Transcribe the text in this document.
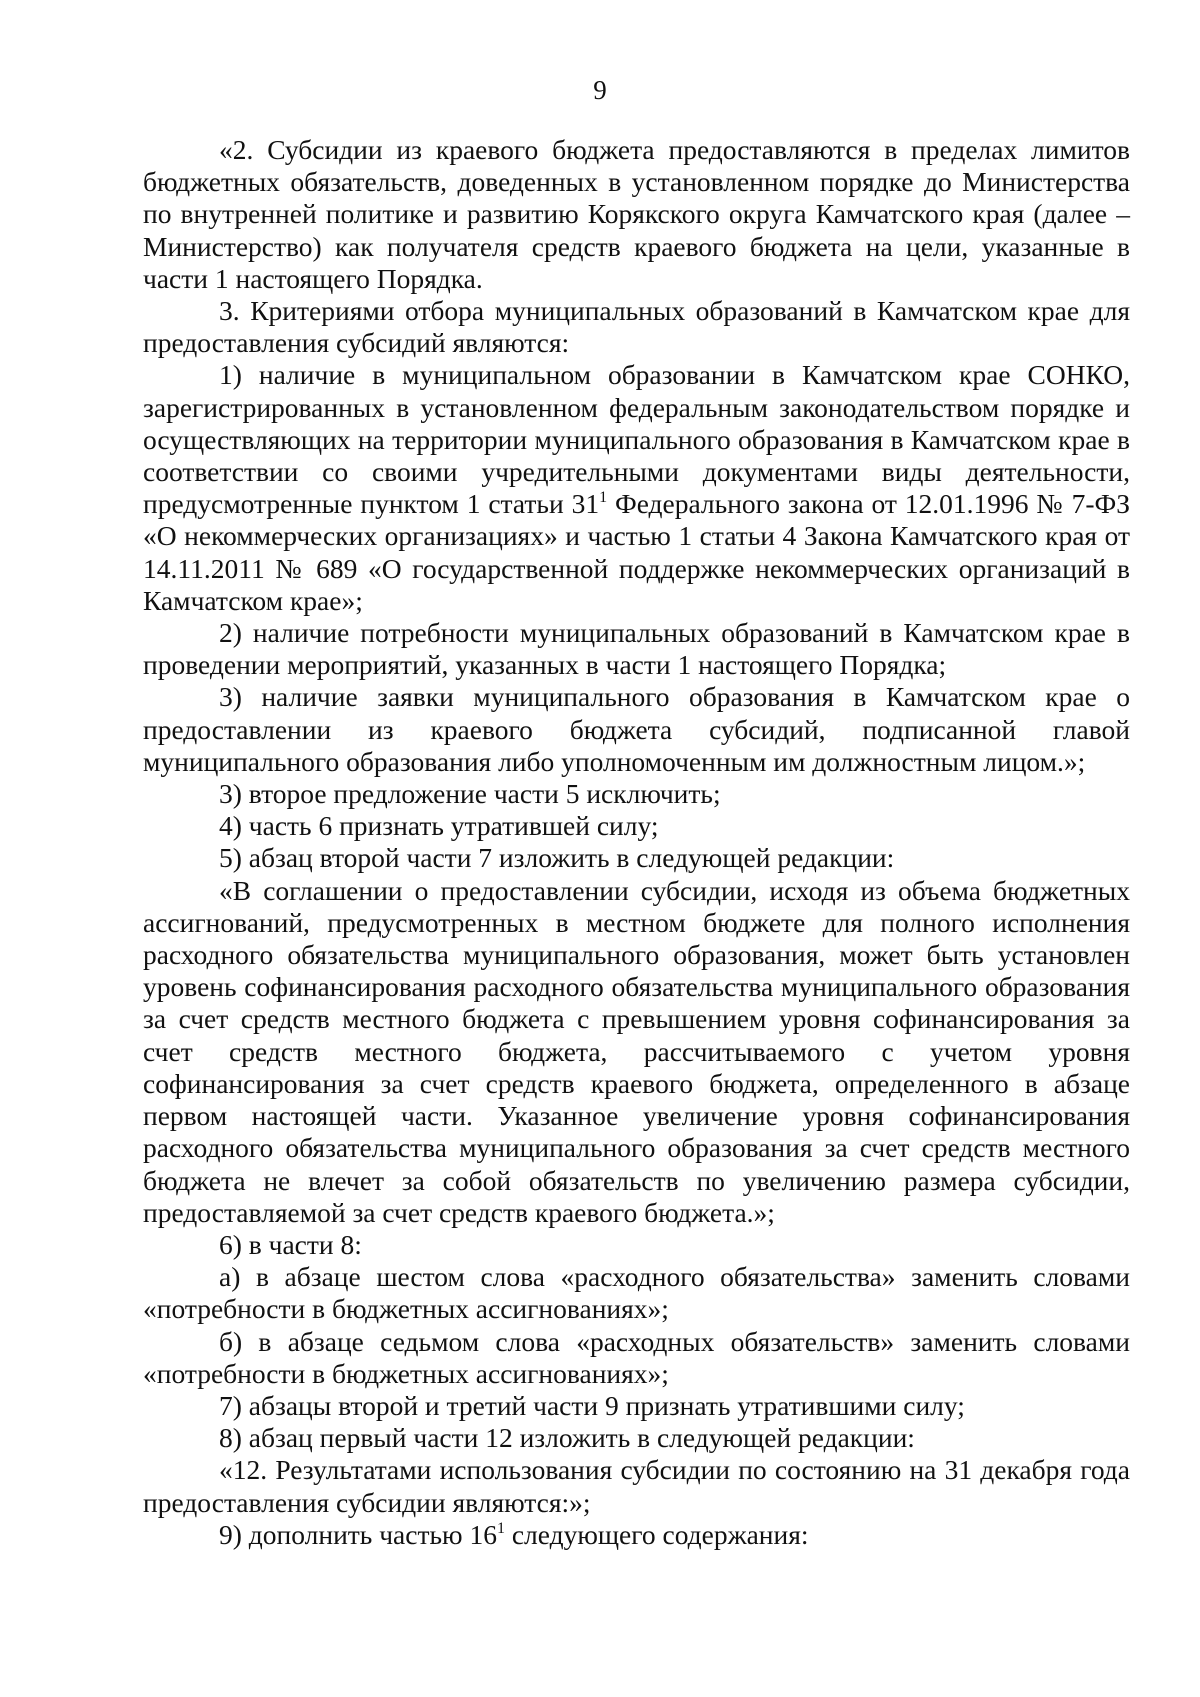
9

«2. Субсидии из краевого бюджета предоставляются в пределах лимитов бюджетных обязательств, доведенных в установленном порядке до Министерства по внутренней политике и развитию Корякского округа Камчатского края (далее – Министерство) как получателя средств краевого бюджета на цели, указанные в части 1 настоящего Порядка.

3. Критериями отбора муниципальных образований в Камчатском крае для предоставления субсидий являются:

1) наличие в муниципальном образовании в Камчатском крае СОНКО, зарегистрированных в установленном федеральным законодательством порядке и осуществляющих на территории муниципального образования в Камчатском крае в соответствии со своими учредительными документами виды деятельности, предусмотренные пунктом 1 статьи $31^1$ Федерального закона от 12.01.1996 № 7-ФЗ «О некоммерческих организациях» и частью 1 статьи 4 Закона Камчатского края от 14.11.2011 № 689 «О государственной поддержке некоммерческих организаций в Камчатском крае»;

2) наличие потребности муниципальных образований в Камчатском крае в проведении мероприятий, указанных в части 1 настоящего Порядка;

3) наличие заявки муниципального образования в Камчатском крае о предоставлении из краевого бюджета субсидий, подписанной главой муниципального образования либо уполномоченным им должностным лицом.»;

3) второе предложение части 5 исключить;

4) часть 6 признать утратившей силу;

5) абзац второй части 7 изложить в следующей редакции:

«В соглашении о предоставлении субсидии, исходя из объема бюджетных ассигнований, предусмотренных в местном бюджете для полного исполнения расходного обязательства муниципального образования, может быть установлен уровень софинансирования расходного обязательства муниципального образования за счет средств местного бюджета с превышением уровня софинансирования за счет средств местного бюджета, рассчитываемого с учетом уровня софинансирования за счет средств краевого бюджета, определенного в абзаце первом настоящей части. Указанное увеличение уровня софинансирования расходного обязательства муниципального образования за счет средств местного бюджета не влечет за собой обязательств по увеличению размера субсидии, предоставляемой за счет средств краевого бюджета.»;

6) в части 8:

а) в абзаце шестом слова «расходного обязательства» заменить словами «потребности в бюджетных ассигнованиях»;

б) в абзаце седьмом слова «расходных обязательств» заменить словами «потребности в бюджетных ассигнованиях»;

7) абзацы второй и третий части 9 признать утратившими силу;

8) абзац первый части 12 изложить в следующей редакции:

«12. Результатами использования субсидии по состоянию на 31 декабря года предоставления субсидии являются:»;

9) дополнить частью $16^1$ следующего содержания:
